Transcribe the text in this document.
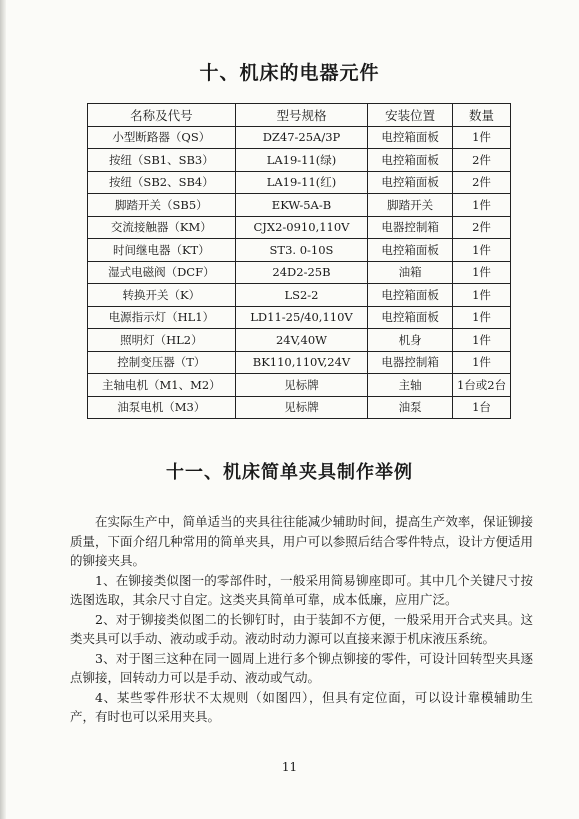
十、机床的电器元件
名称及代号	型号规格	安装位置	数量
小型断路器（QS）	DZ47-25A/3P	电控箱面板	1件
按纽（SB1、SB3）	LA19-11(绿)	电控箱面板	2件
按纽（SB2、SB4）	LA19-11(红)	电控箱面板	2件
脚踏开关（SB5）	EKW-5A-B	脚踏开关	1件
交流接触器（KM）	CJX2-0910,110V	电器控制箱	2件
时间继电器（KT）	ST3. 0-10S	电控箱面板	1件
湿式电磁阀（DCF）	24D2-25B	油箱	1件
转换开关（K）	LS2-2	电控箱面板	1件
电源指示灯（HL1）	LD11-25/40,110V	电控箱面板	1件
照明灯（HL2）	24V,40W	机身	1件
控制变压器（T）	BK110,110V,24V	电器控制箱	1件
主轴电机（M1、M2）	见标牌	主轴	1台或2台
油泵电机（M3）	见标牌	油泵	1台
十一、机床简单夹具制作举例

在实际生产中，简单适当的夹具往往能减少辅助时间，提高生产效率，保证铆接质量，下面介绍几种常用的简单夹具，用户可以参照后结合零件特点，设计方便适用的铆接夹具。

1、在铆接类似图一的零部件时，一般采用简易铆座即可。其中几个关键尺寸按选图选取，其余尺寸自定。这类夹具简单可靠，成本低廉，应用广泛。

2、对于铆接类似图二的长铆钉时，由于装卸不方便，一般采用开合式夹具。这类夹具可以手动、液动或手动。液动时动力源可以直接来源于机床液压系统。

3、对于图三这种在同一圆周上进行多个铆点铆接的零件，可设计回转型夹具逐点铆接，回转动力可以是手动、液动或气动。

4、某些零件形状不太规则（如图四），但具有定位面，可以设计靠模辅助生产，有时也可以采用夹具。

11
